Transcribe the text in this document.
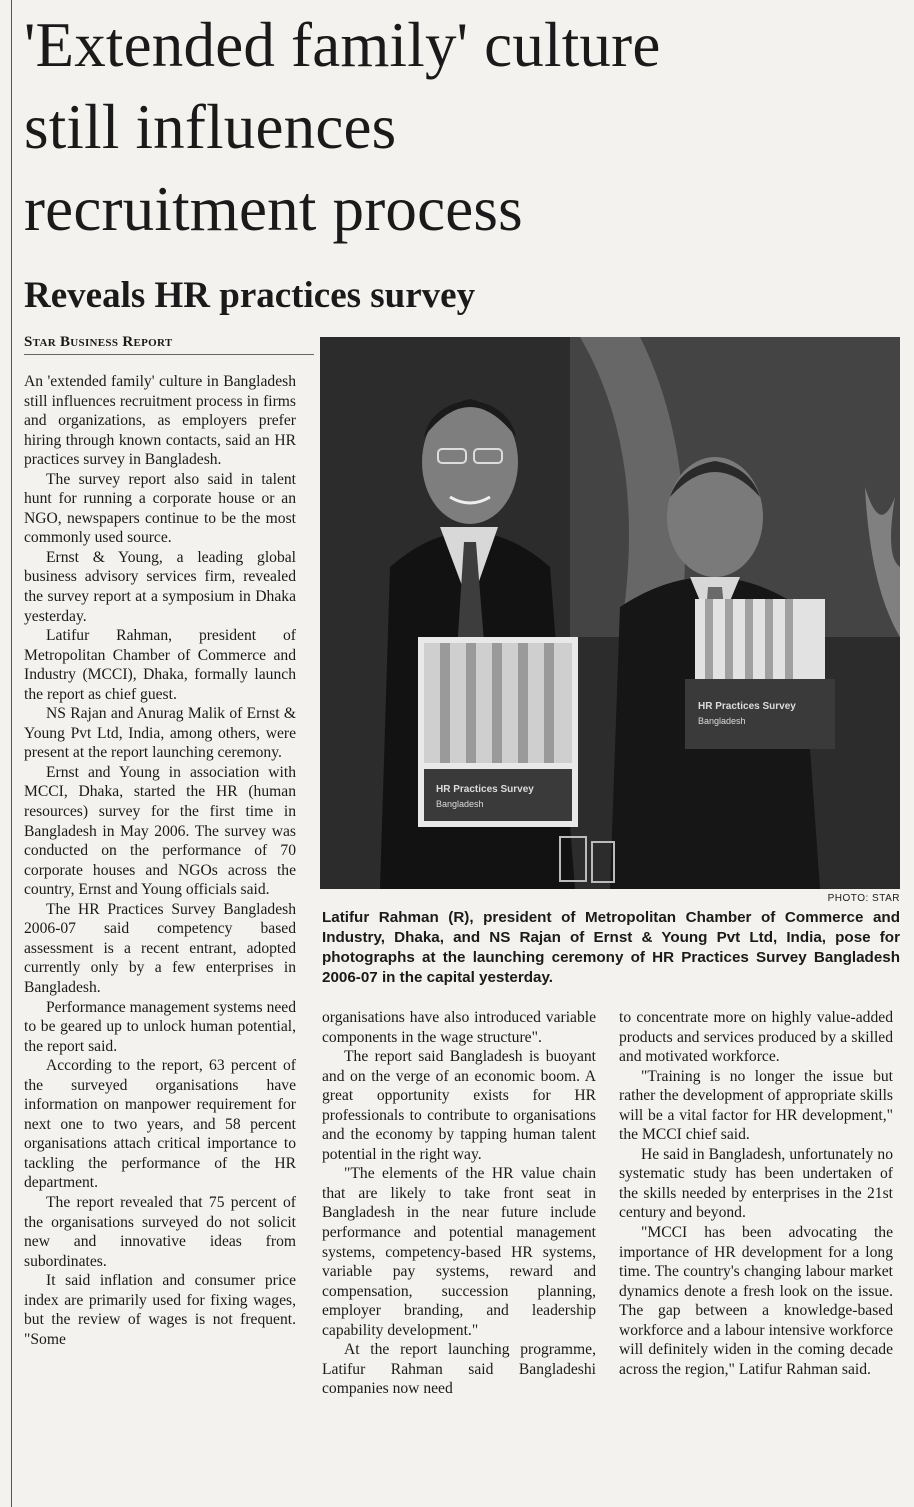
'Extended family' culture
still influences
recruitment process
Reveals HR practices survey
Star Business Report

An 'extended family' culture in Bangladesh still influences recruitment process in firms and organizations, as employers prefer hiring through known contacts, said an HR practices survey in Bangladesh.

The survey report also said in talent hunt for running a corporate house or an NGO, newspapers continue to be the most commonly used source.

Ernst & Young, a leading global business advisory services firm, revealed the survey report at a symposium in Dhaka yesterday.

Latifur Rahman, president of Metropolitan Chamber of Commerce and Industry (MCCI), Dhaka, formally launch the report as chief guest.

NS Rajan and Anurag Malik of Ernst & Young Pvt Ltd, India, among others, were present at the report launching ceremony.

Ernst and Young in association with MCCI, Dhaka, started the HR (human resources) survey for the first time in Bangladesh in May 2006. The survey was conducted on the performance of 70 corporate houses and NGOs across the country, Ernst and Young officials said.

The HR Practices Survey Bangladesh 2006-07 said competency based assessment is a recent entrant, adopted currently only by a few enterprises in Bangladesh.

Performance management systems need to be geared up to unlock human potential, the report said.

According to the report, 63 percent of the surveyed organisations have information on manpower requirement for next one to two years, and 58 percent organisations attach critical importance to tackling the performance of the HR department.

The report revealed that 75 percent of the organisations surveyed do not solicit new and innovative ideas from subordinates.

It said inflation and consumer price index are primarily used for fixing wages, but the review of wages is not frequent. "Some

HR Practices Survey
Bangladesh
HR Practices Survey
Bangladesh
PHOTO: STAR
Latifur Rahman (R), president of Metropolitan Chamber of Commerce and Industry, Dhaka, and NS Rajan of Ernst & Young Pvt Ltd, India, pose for photographs at the launching ceremony of HR Practices Survey Bangladesh 2006-07 in the capital yesterday.

organisations have also introduced variable components in the wage structure".

The report said Bangladesh is buoyant and on the verge of an economic boom. A great opportunity exists for HR professionals to contribute to organisations and the economy by tapping human talent potential in the right way.

"The elements of the HR value chain that are likely to take front seat in Bangladesh in the near future include performance and potential management systems, competency-based HR systems, variable pay systems, reward and compensation, succession planning, employer branding, and leadership capability development."

At the report launching programme, Latifur Rahman said Bangladeshi companies now need

to concentrate more on highly value-added products and services produced by a skilled and motivated workforce.

"Training is no longer the issue but rather the development of appropriate skills will be a vital factor for HR development," the MCCI chief said.

He said in Bangladesh, unfortunately no systematic study has been undertaken of the skills needed by enterprises in the 21st century and beyond.

"MCCI has been advocating the importance of HR development for a long time. The country's changing labour market dynamics denote a fresh look on the issue. The gap between a knowledge-based workforce and a labour intensive workforce will definitely widen in the coming decade across the region," Latifur Rahman said.
